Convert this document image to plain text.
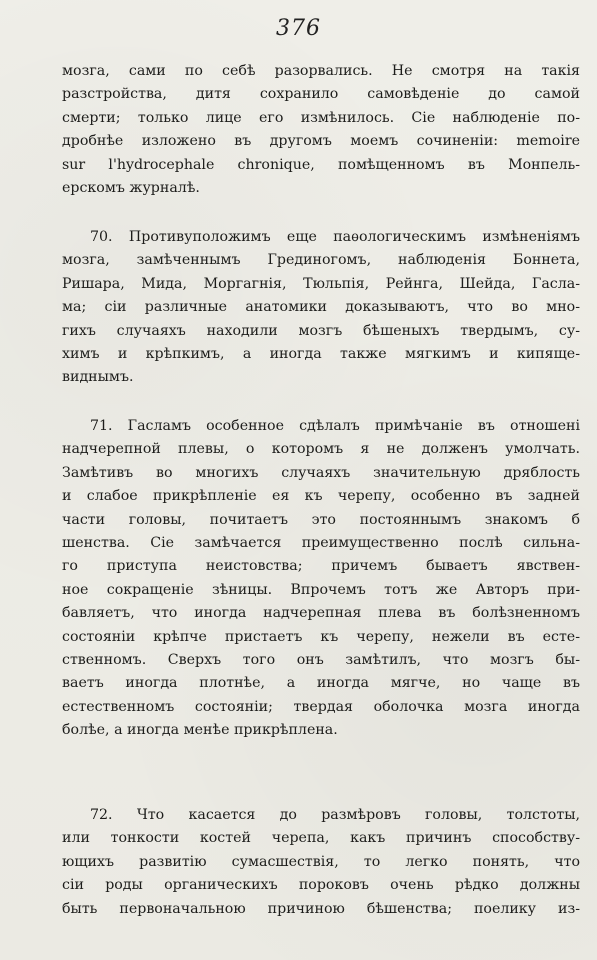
376
мозга, сами по себѣ разорвались. Не смотря на такія
разстройства, дитя сохранило самовѣденіе до самой
смерти; только лице его измѣнилось. Сіе наблюденіе по-
дробнѣе изложено въ другомъ моемъ сочиненіи: memoire
sur l'hydrocephale chronique, помѣщенномъ въ Монпель-
ерскомъ журналѣ.
70. Противуположимъ еще паѳологическимъ измѣненіямъ
мозга, замѣченнымъ Грединогомъ, наблюденія Боннета,
Ришара, Мида, Моргагнія, Тюльпія, Рейнга, Шейда, Гасла-
ма; сіи различные анатомики доказываютъ, что во мно-
гихъ случаяхъ находили мозгъ бѣшеныхъ твердымъ, су-
химъ и крѣпкимъ, а иногда также мягкимъ и кипяще-
виднымъ.
71. Гасламъ особенное сдѣлалъ примѣчаніе въ отношені
надчерепной плевы, о которомъ я не долженъ умолчать.
Замѣтивъ во многихъ случаяхъ значительную дряблость
и слабое прикрѣпленіе ея къ черепу, особенно въ задней
части головы, почитаетъ это постояннымъ знакомъ б
шенства. Сіе замѣчается преимущественно послѣ сильна-
го приступа неистовства; причемъ бываетъ явствен-
ное сокращеніе зѣницы. Впрочемъ тотъ же Авторъ при-
бавляетъ, что иногда надчерепная плева въ болѣзненномъ
состояніи крѣпче пристаетъ къ черепу, нежели въ есте-
ственномъ. Сверхъ того онъ замѣтилъ, что мозгъ бы-
ваетъ иногда плотнѣе, а иногда мягче, но чаще въ
естественномъ состояніи; твердая оболочка мозга иногда
болѣе, а иногда менѣе прикрѣплена.
72. Что касается до размѣровъ головы, толстоты,
или тонкости костей черепа, какъ причинъ способству-
ющихъ развитію сумасшествія, то легко понять, что
сіи роды органическихъ пороковъ очень рѣдко должны
быть первоначальною причиною бѣшенства; поелику из-
